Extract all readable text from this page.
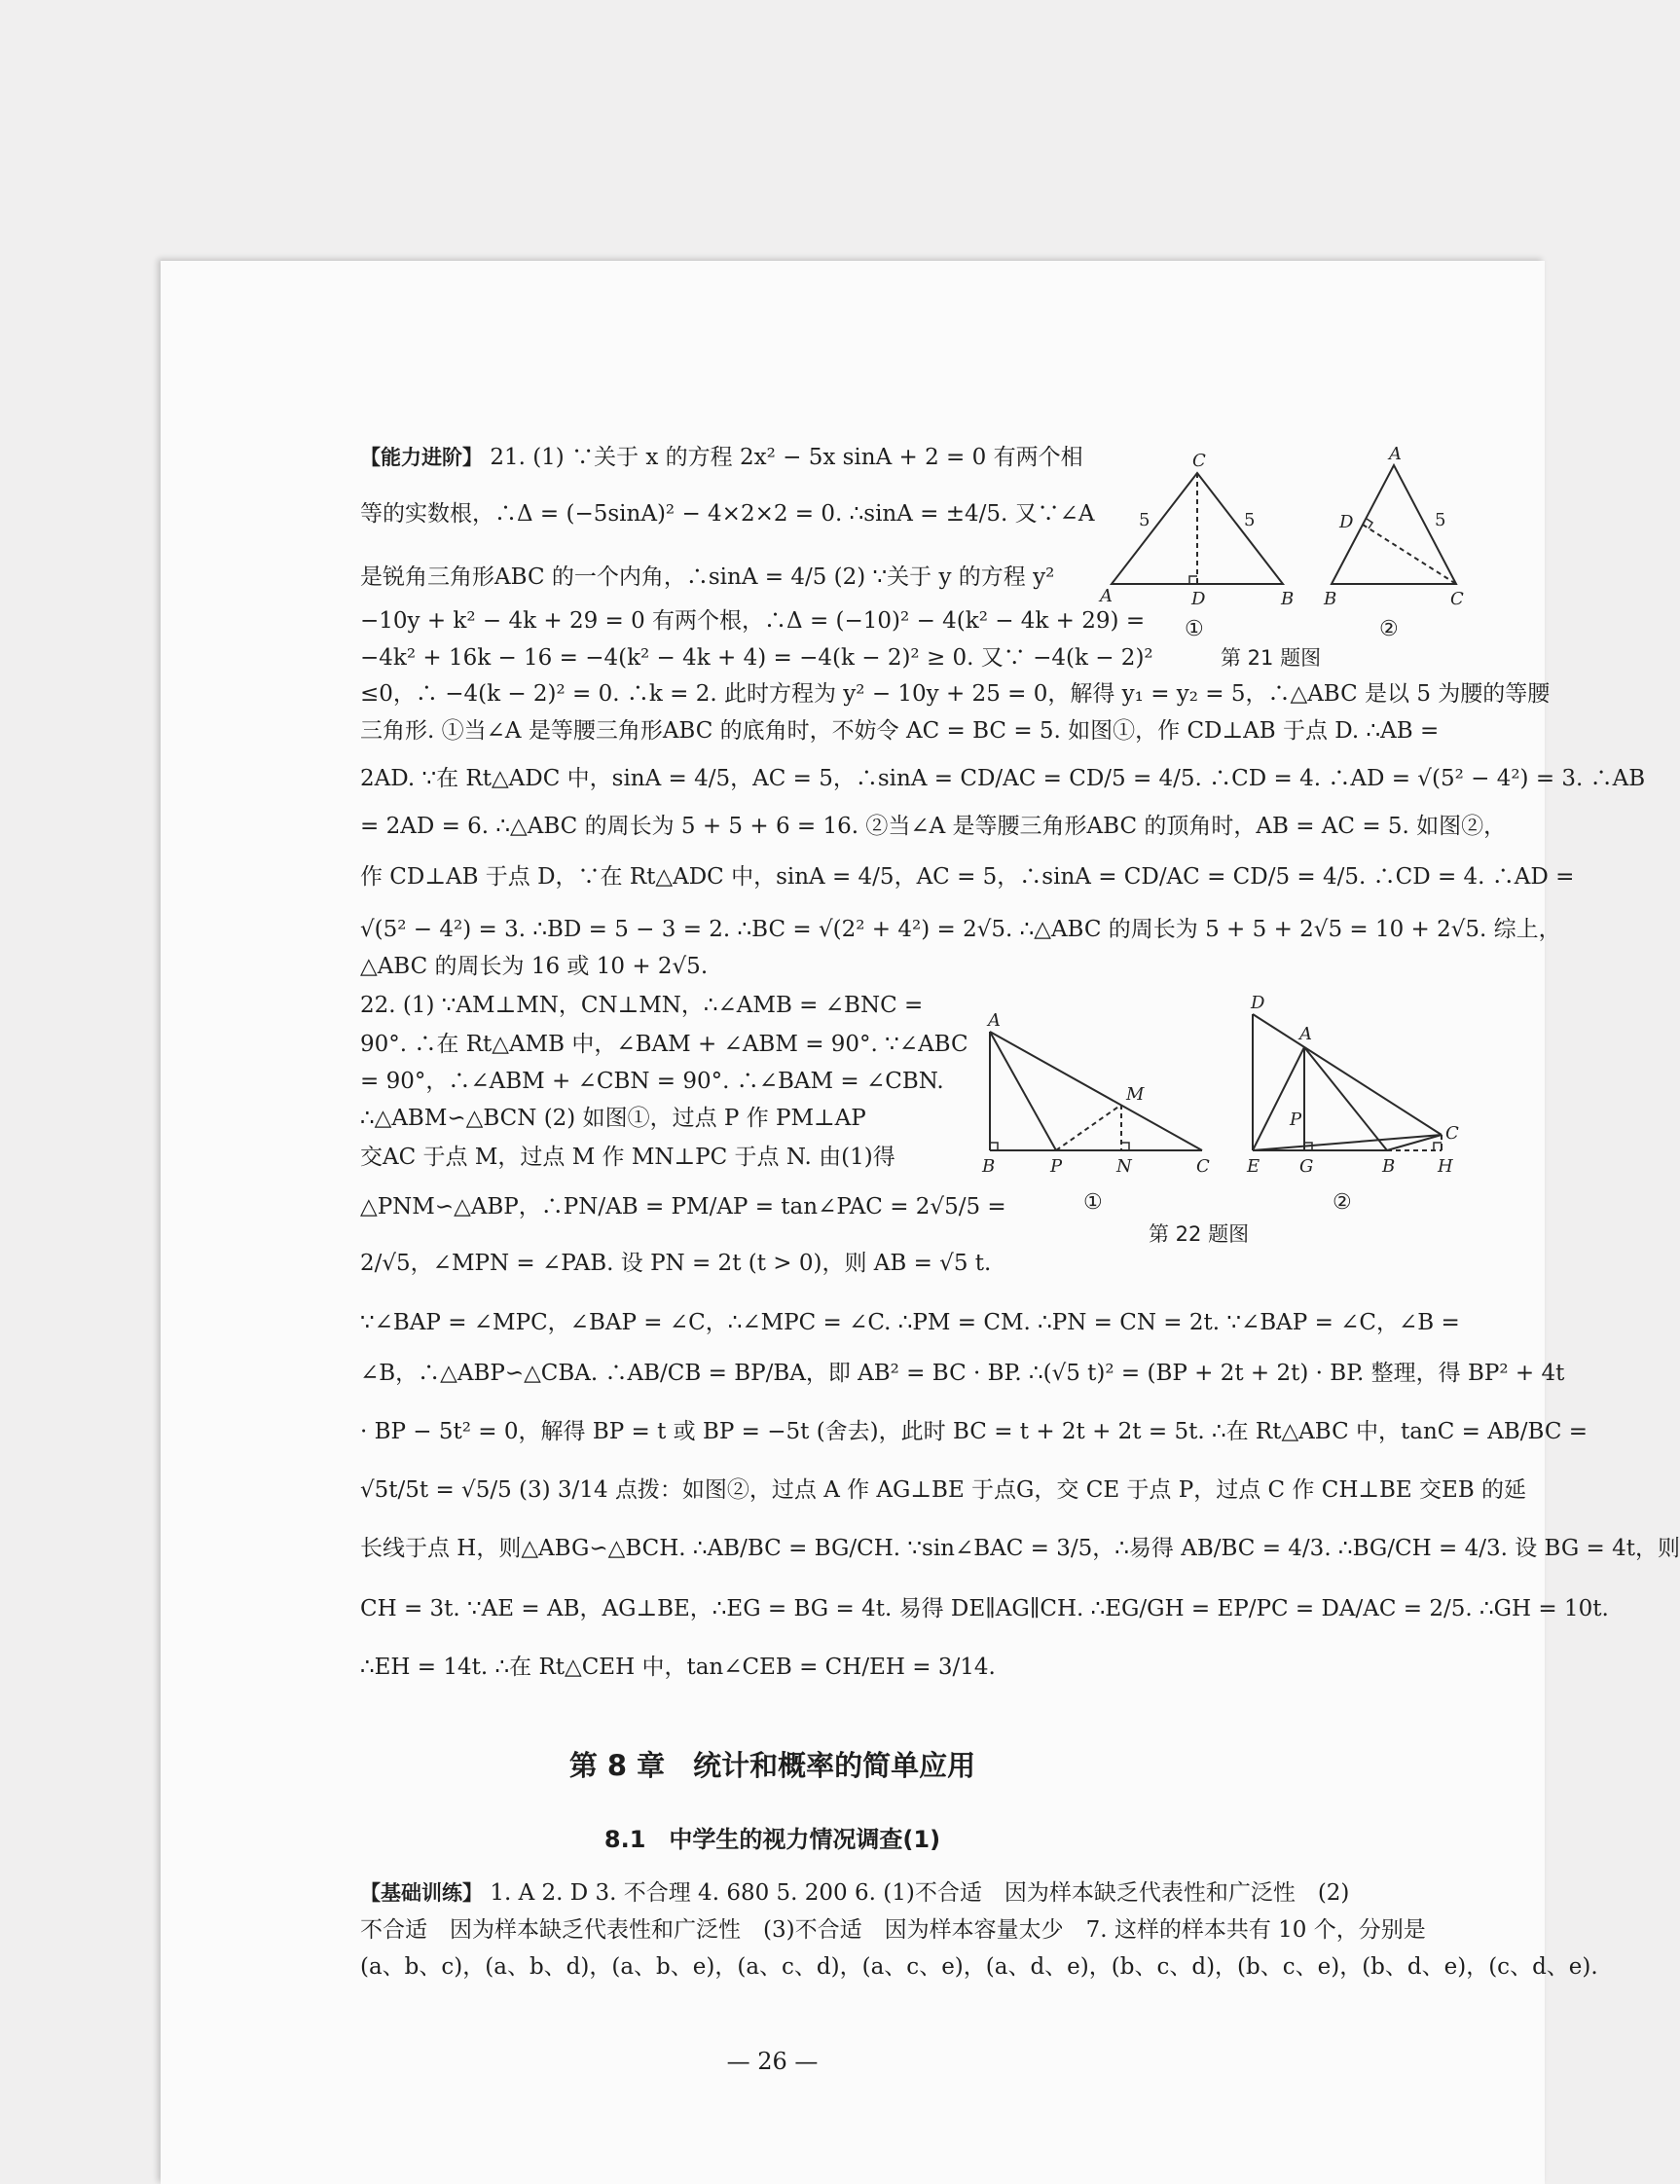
【能力进阶】 21. (1) ∵关于 x 的方程 2x² − 5x sinA + 2 = 0 有两个相
等的实数根，∴Δ = (−5sinA)² − 4×2×2 = 0. ∴sinA = ±4/5. 又∵∠A
是锐角三角形ABC 的一个内角，∴sinA = 4/5 (2) ∵关于 y 的方程 y²
−10y + k² − 4k + 29 = 0 有两个根，∴Δ = (−10)² − 4(k² − 4k + 29) =
−4k² + 16k − 16 = −4(k² − 4k + 4) = −4(k − 2)² ≥ 0. 又∵ −4(k − 2)²
≤0，∴ −4(k − 2)² = 0. ∴k = 2. 此时方程为 y² − 10y + 25 = 0，解得 y₁ = y₂ = 5，∴△ABC 是以 5 为腰的等腰
三角形. ①当∠A 是等腰三角形ABC 的底角时，不妨令 AC = BC = 5. 如图①，作 CD⊥AB 于点 D. ∴AB =
2AD. ∵在 Rt△ADC 中，sinA = 4/5，AC = 5，∴sinA = CD/AC = CD/5 = 4/5. ∴CD = 4. ∴AD = √(5² − 4²) = 3. ∴AB
= 2AD = 6. ∴△ABC 的周长为 5 + 5 + 6 = 16. ②当∠A 是等腰三角形ABC 的顶角时，AB = AC = 5. 如图②，
作 CD⊥AB 于点 D，∵在 Rt△ADC 中，sinA = 4/5，AC = 5，∴sinA = CD/AC = CD/5 = 4/5. ∴CD = 4. ∴AD =
√(5² − 4²) = 3. ∴BD = 5 − 3 = 2. ∴BC = √(2² + 4²) = 2√5. ∴△ABC 的周长为 5 + 5 + 2√5 = 10 + 2√5. 综上，
△ABC 的周长为 16 或 10 + 2√5.
C
A	D	B
5	5
A
D
B	C
5
①	②
第 21 题图
22. (1) ∵AM⊥MN，CN⊥MN，∴∠AMB = ∠BNC =
90°. ∴在 Rt△AMB 中，∠BAM + ∠ABM = 90°. ∵∠ABC
= 90°，∴∠ABM + ∠CBN = 90°. ∴∠BAM = ∠CBN.
∴△ABM∽△BCN (2) 如图①，过点 P 作 PM⊥AP
交AC 于点 M，过点 M 作 MN⊥PC 于点 N. 由(1)得
△PNM∽△ABP，∴PN/AB = PM/AP = tan∠PAC = 2√5/5 =
2/√5，∠MPN = ∠PAB. 设 PN = 2t (t > 0)，则 AB = √5 t.
∵∠BAP = ∠MPC，∠BAP = ∠C，∴∠MPC = ∠C. ∴PM = CM. ∴PN = CN = 2t. ∵∠BAP = ∠C，∠B =
∠B，∴△ABP∽△CBA. ∴AB/CB = BP/BA，即 AB² = BC · BP. ∴(√5 t)² = (BP + 2t + 2t) · BP. 整理，得 BP² + 4t
· BP − 5t² = 0，解得 BP = t 或 BP = −5t (舍去)，此时 BC = t + 2t + 2t = 5t. ∴在 Rt△ABC 中，tanC = AB/BC =
√5t/5t = √5/5 (3) 3/14 点拨：如图②，过点 A 作 AG⊥BE 于点G，交 CE 于点 P，过点 C 作 CH⊥BE 交EB 的延
长线于点 H，则△ABG∽△BCH. ∴AB/BC = BG/CH. ∵sin∠BAC = 3/5，∴易得 AB/BC = 4/3. ∴BG/CH = 4/3. 设 BG = 4t，则
CH = 3t. ∵AE = AB，AG⊥BE，∴EG = BG = 4t. 易得 DE∥AG∥CH. ∴EG/GH = EP/PC = DA/AC = 2/5. ∴GH = 10t.
∴EH = 14t. ∴在 Rt△CEH 中，tan∠CEB = CH/EH = 3/14.
A
M
B	P	N	C
D
A
P
C
E G	B H
①	②
第 22 题图
第 8 章　统计和概率的简单应用
8.1　中学生的视力情况调查(1)
【基础训练】 1. A 2. D 3. 不合理 4. 680 5. 200 6. (1)不合适　因为样本缺乏代表性和广泛性　(2)
不合适　因为样本缺乏代表性和广泛性　(3)不合适　因为样本容量太少　7. 这样的样本共有 10 个，分别是
(a、b、c)，(a、b、d)，(a、b、e)，(a、c、d)，(a、c、e)，(a、d、e)，(b、c、d)，(b、c、e)，(b、d、e)，(c、d、e).
— 26 —
